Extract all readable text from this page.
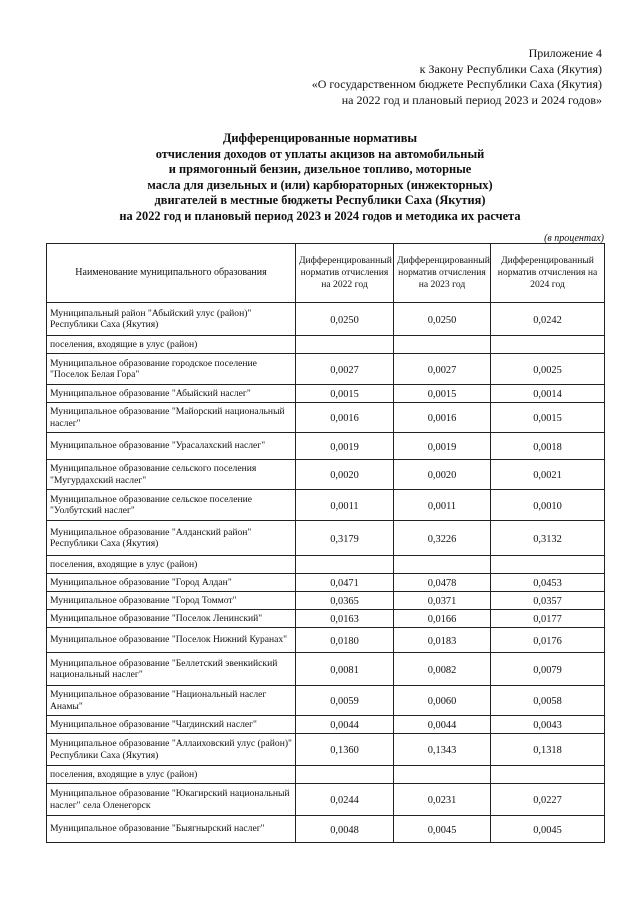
Приложение 4
к Закону Республики Саха (Якутия)
«О государственном бюджете Республики Саха (Якутия)
на 2022 год и плановый период 2023 и 2024 годов»
Дифференцированные нормативы
отчисления доходов от уплаты акцизов на автомобильный
и прямогонный бензин, дизельное топливо, моторные
масла для дизельных и (или) карбюраторных (инжекторных)
двигателей в местные бюджеты Республики Саха (Якутия)
на 2022 год и плановый период 2023 и 2024 годов и методика их расчета
(в процентах)
Наименование муниципального образования	Дифференцированный норматив отчисления на 2022 год	Дифференцированный норматив отчисления на 2023 год	Дифференцированный норматив отчисления на 2024 год
Муниципальный район "Абыйский улус (район)" Республики Саха (Якутия)	0,0250	0,0250	0,0242
поселения, входящие в улус (район)			
Муниципальное образование городское поселение "Поселок Белая Гора"	0,0027	0,0027	0,0025
Муниципальное образование "Абыйский наслег"	0,0015	0,0015	0,0014
Муниципальное образование "Майорский национальный наслег"	0,0016	0,0016	0,0015
Муниципальное образование "Урасалахский наслег"	0,0019	0,0019	0,0018
Муниципальное образование сельского поселения "Мугурдахский наслег"	0,0020	0,0020	0,0021
Муниципальное образование сельское поселение "Уолбутский наслег"	0,0011	0,0011	0,0010
Муниципальное образование "Алданский район" Республики Саха (Якутия)	0,3179	0,3226	0,3132
поселения, входящие в улус (район)			
Муниципальное образование "Город Алдан"	0,0471	0,0478	0,0453
Муниципальное образование "Город Томмот"	0,0365	0,0371	0,0357
Муниципальное образование "Поселок Ленинский"	0,0163	0,0166	0,0177
Муниципальное образование "Поселок Нижний Куранах"	0,0180	0,0183	0,0176
Муниципальное образование "Беллетский эвенкийский национальный наслег"	0,0081	0,0082	0,0079
Муниципальное образование "Национальный наслег Анамы"	0,0059	0,0060	0,0058
Муниципальное образование "Чагдинский наслег"	0,0044	0,0044	0,0043
Муниципальное образование "Аллаиховский улус (район)" Республики Саха (Якутия)	0,1360	0,1343	0,1318
поселения, входящие в улус (район)			
Муниципальное образование "Юкагирский национальный наслег" села Оленегорск	0,0244	0,0231	0,0227
Муниципальное образование "Быягнырский наслег"	0,0048	0,0045	0,0045
